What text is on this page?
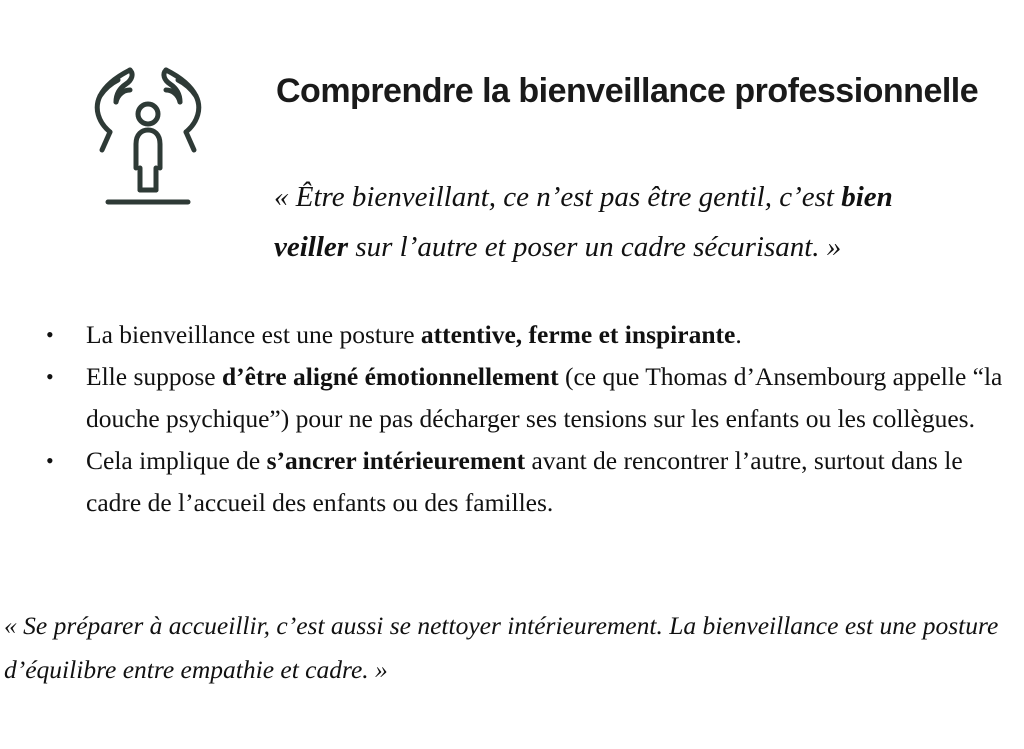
Comprendre la bienveillance professionnelle
« Être bienveillant, ce n’est pas être gentil, c’est bien veiller sur l’autre et poser un cadre sécurisant. »
• La bienveillance est une posture attentive, ferme et inspirante.
• Elle suppose d’être aligné émotionnellement (ce que Thomas d’Ansembourg appelle “la douche psychique”) pour ne pas décharger ses tensions sur les enfants ou les collègues.
• Cela implique de s’ancrer intérieurement avant de rencontrer l’autre, surtout dans le cadre de l’accueil des enfants ou des familles.
« Se préparer à accueillir, c’est aussi se nettoyer intérieurement. La bienveillance est une posture d’équilibre entre empathie et cadre. »
